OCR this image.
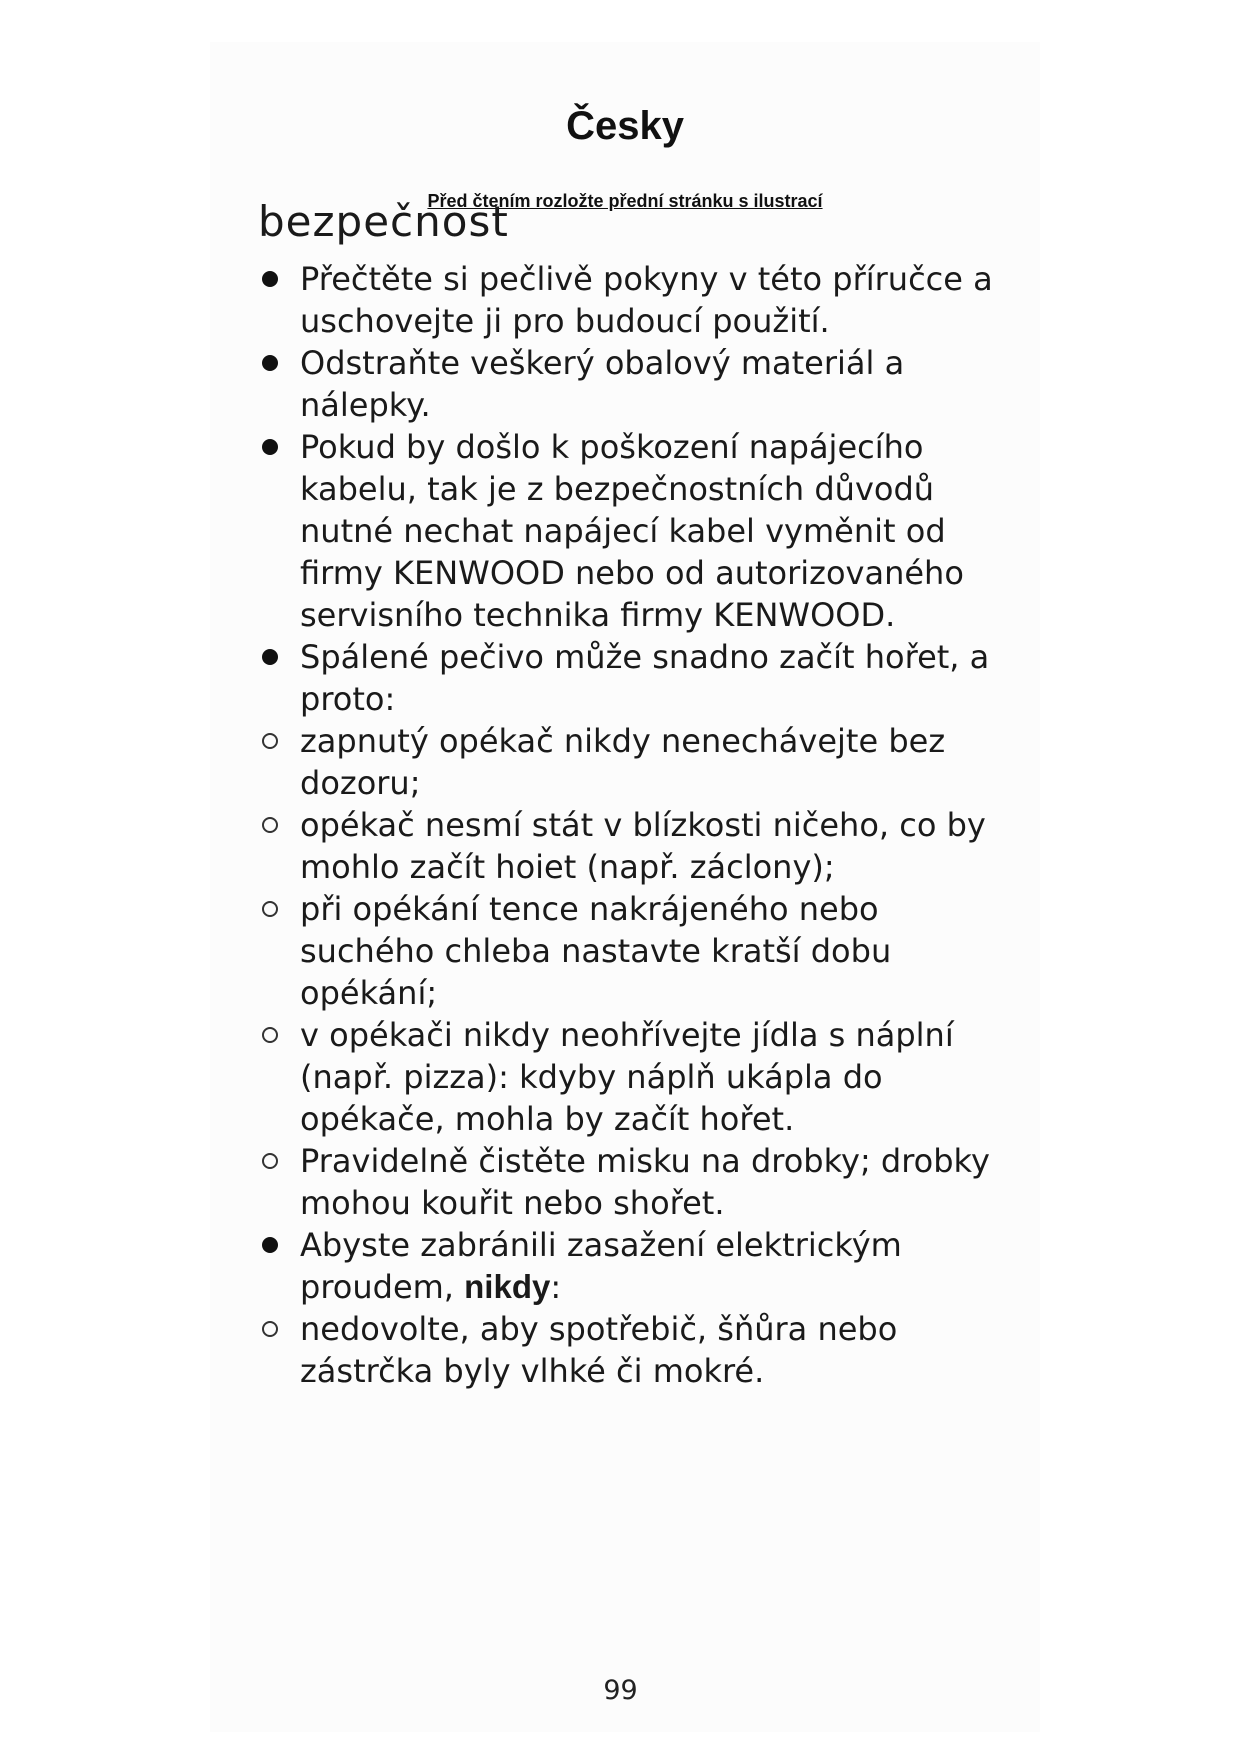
Česky
Před čtením rozložte přední stránku s ilustrací
bezpečnost
Přečtěte si pečlivě pokyny v této příručce a uschovejte ji pro budoucí použití.
Odstraňte veškerý obalový materiál a nálepky.
Pokud by došlo k poškození napájecího kabelu, tak je z bezpečnostních důvodů nutné nechat napájecí kabel vyměnit od firmy KENWOOD nebo od autorizovaného servisního technika firmy KENWOOD.
Spálené pečivo může snadno začít hořet, a proto:
zapnutý opékač nikdy nenechávejte bez dozoru;
opékač nesmí stát v blízkosti ničeho, co by mohlo začít hoiet (např. záclony);
při opékání tence nakrájeného nebo suchého chleba nastavte kratší dobu opékání;
v opékači nikdy neohřívejte jídla s náplní (např. pizza): kdyby náplň ukápla do opékače, mohla by začít hořet.
Pravidelně čistěte misku na drobky; drobky mohou kouřit nebo shořet.
Abyste zabránili zasažení elektrickým proudem, nikdy:
nedovolte, aby spotřebič, šňůra nebo zástrčka byly vlhké či mokré.
99
